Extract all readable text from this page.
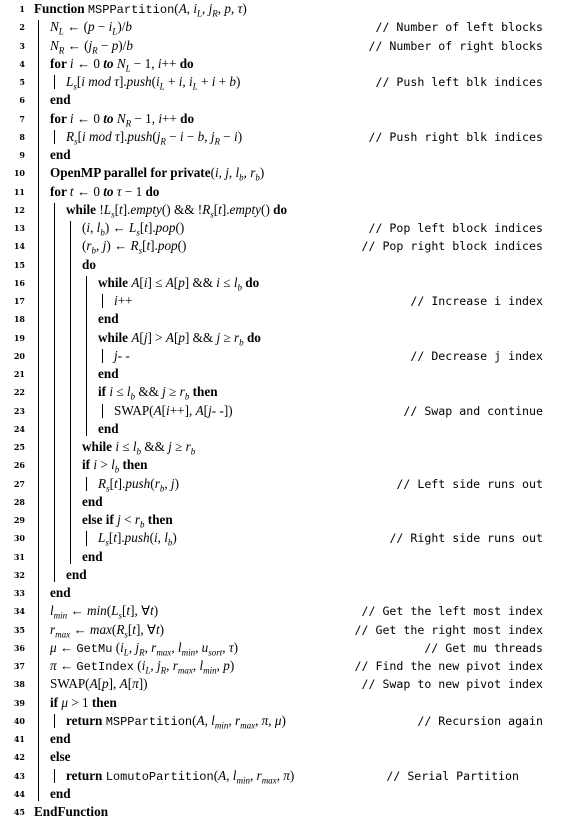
1 Function MSPPartition(A, $i_L$, $j_R$, p, τ)
2 $N_L$ ← $(p - i_L)/b$	// Number of left blocks
3 $N_R$ ← $(j_R - p)/b$	// Number of right blocks
4 for i ← 0 to $N_L - 1$, i++ do
5	$L_s[i$ mod $\tau].push(i_L + i$, $i_L + i + b$)	// Push left blk indices
6 end
7 for i ← 0 to $N_R - 1$, i++ do
8	$R_s[i$ mod $\tau].push(j_R - i - b$, $j_R - i$)	// Push right blk indices
9 end
10 OpenMP parallel for private(i, j, $l_b$, $r_b$)
11 for t ← 0 to τ − 1 do
12	while $!L_s[t].empty()$ && $!R_s[t].empty()$ do
13	(i, $l_b$) ← $L_s[t].pop()$	// Pop left block indices
14	($r_b$, j) ← $R_s[t].pop()$	// Pop right block indices
15	do
16	while A[i] ≤ A[p] && $i \le l_b$ do
17	i++	// Increase i index
18	end
19	while A[j] > A[p] && $j \ge r_b$ do
20	j- -	// Decrease j index
21	end
22	if $i \le l_b$ && $j \ge r_b$ then
23	SWAP(A[i++], A[j- -])	// Swap and continue
24	end
25	while $i \le l_b$ && $j \ge r_b$
26	if $i > l_b$ then
27	$R_s[t].push(r_b$, j)	// Left side runs out
28	end
29	else if $j < r_b$ then
30	$L_s[t].push(i$, $l_b$)	// Right side runs out
31	end
32	end
33 end
34 $l_{min}$ ← $\min(L_s[t]$, ∀t)	// Get the left most index
35 $r_{max}$ ← $\max(R_s[t]$, ∀t)	// Get the right most index
36 μ ← GetMu ($i_L$, $j_R$, $r_{max}$, $l_{min}$, $u_{sort}$, τ)	// Get mu threads
37 π ← GetIndex ($i_L$, $j_R$, $r_{max}$, $l_{min}$, p)	// Find the new pivot index
38 SWAP(A[p], A[π])	// Swap to new pivot index
39 if μ > 1 then
40	return MSPPartition(A, $l_{min}$, $r_{max}$, π, μ)	// Recursion again
41 end
42 else
43	return LomutoPartition(A, $l_{min}$, $r_{max}$, π)	// Serial Partition
44 end
45 EndFunction
